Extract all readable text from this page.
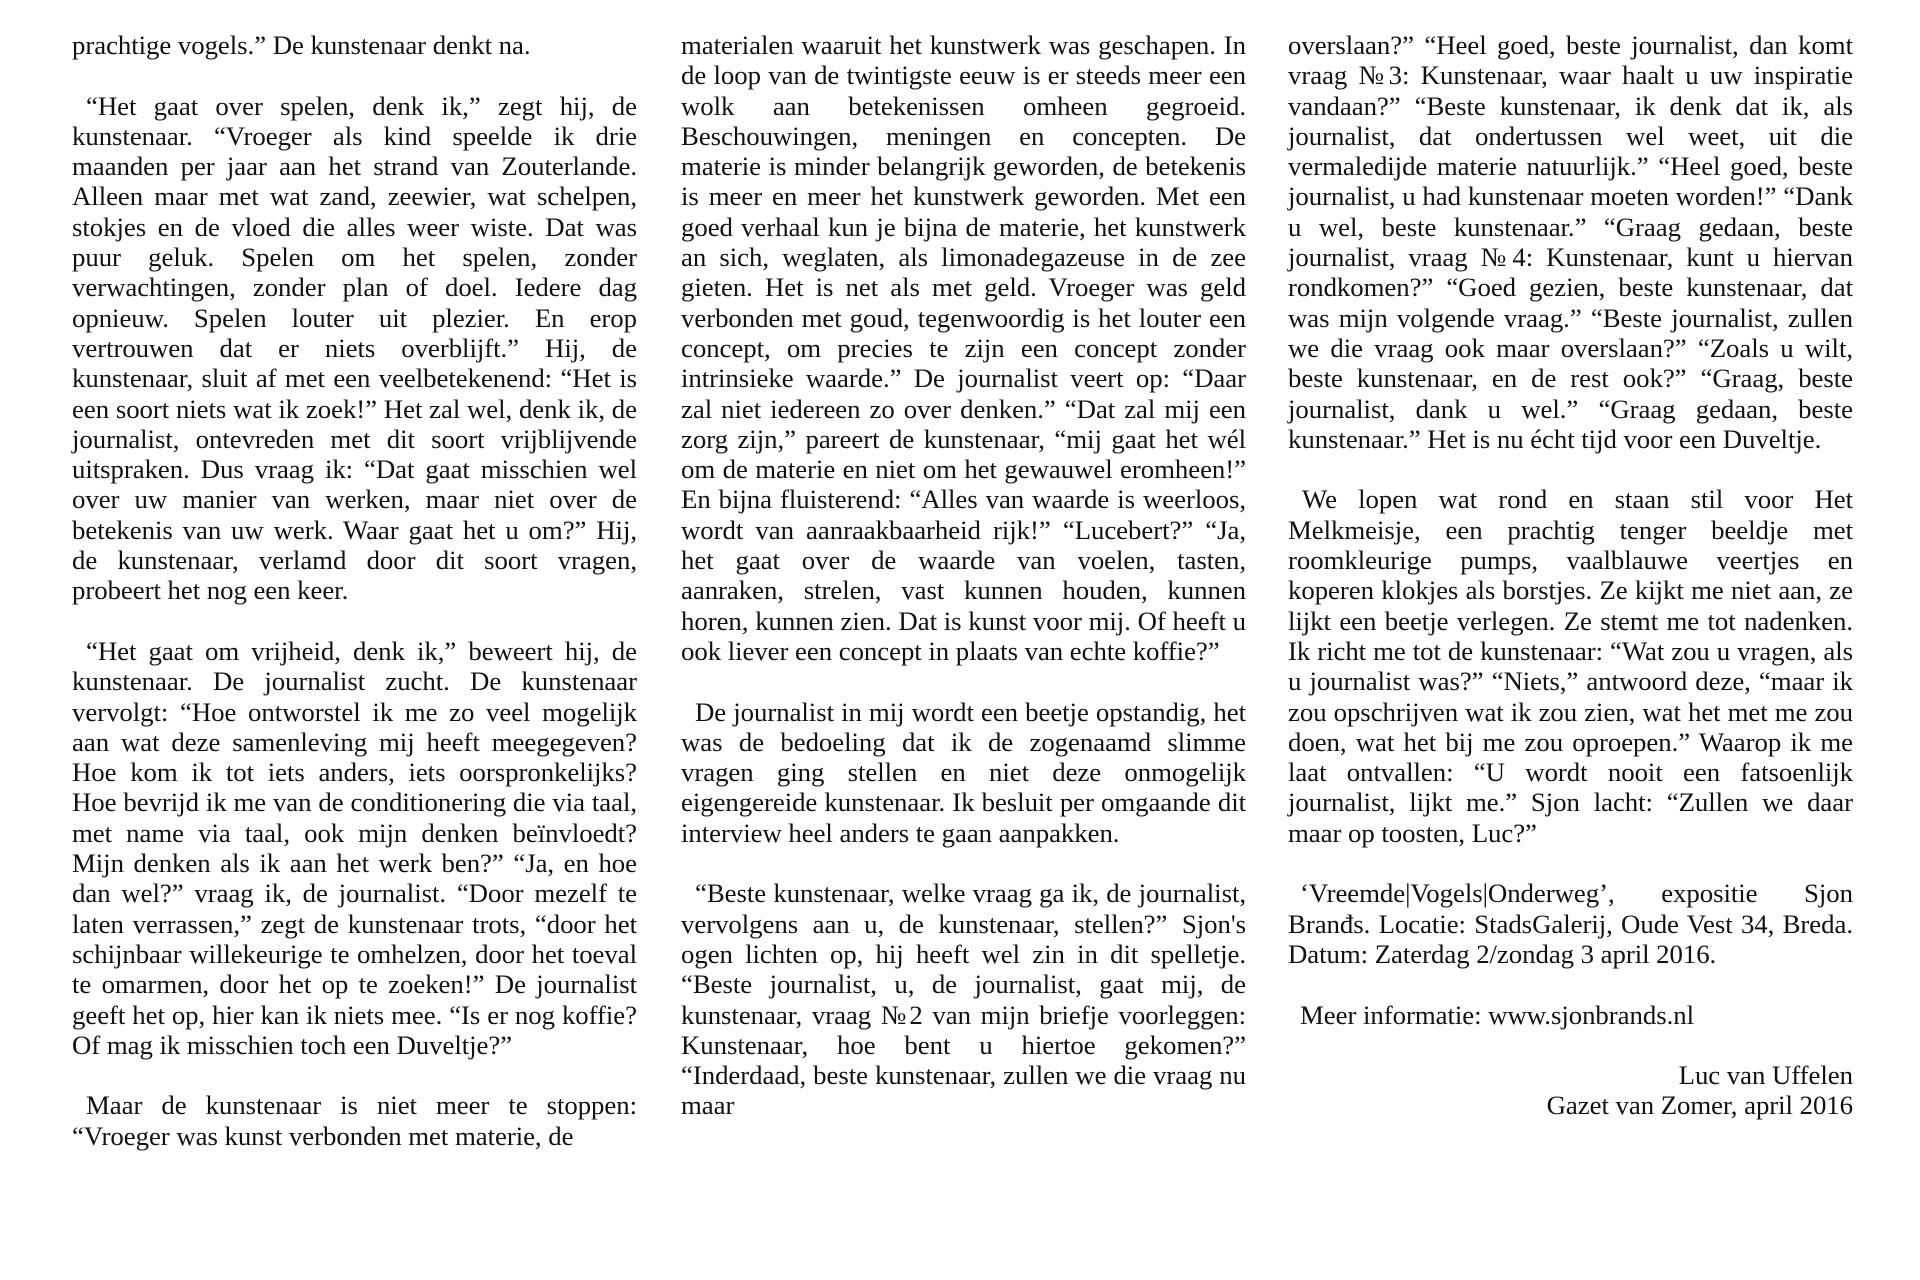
prachtige vogels.” De kunstenaar denkt na.

“Het gaat over spelen, denk ik,” zegt hij, de kunstenaar. “Vroeger als kind speelde ik drie maanden per jaar aan het strand van Zouterlande. Alleen maar met wat zand, zeewier, wat schelpen, stokjes en de vloed die alles weer wiste. Dat was puur geluk. Spelen om het spelen, zonder verwachtingen, zonder plan of doel. Iedere dag opnieuw. Spelen louter uit plezier. En erop vertrouwen dat er niets overblijft.” Hij, de kunstenaar, sluit af met een veelbetekenend: “Het is een soort niets wat ik zoek!” Het zal wel, denk ik, de journalist, ontevreden met dit soort vrijblijvende uitspraken. Dus vraag ik: “Dat gaat misschien wel over uw manier van werken, maar niet over de betekenis van uw werk. Waar gaat het u om?” Hij, de kunstenaar, verlamd door dit soort vragen, probeert het nog een keer.

“Het gaat om vrijheid, denk ik,” beweert hij, de kunstenaar. De journalist zucht. De kunstenaar vervolgt: “Hoe ontworstel ik me zo veel mogelijk aan wat deze samenleving mij heeft meegegeven? Hoe kom ik tot iets anders, iets oorspronkelijks? Hoe bevrijd ik me van de conditionering die via taal, met name via taal, ook mijn denken beïnvloedt? Mijn denken als ik aan het werk ben?” “Ja, en hoe dan wel?” vraag ik, de journalist. “Door mezelf te laten verrassen,” zegt de kunstenaar trots, “door het schijnbaar willekeurige te omhelzen, door het toeval te omarmen, door het op te zoeken!” De journalist geeft het op, hier kan ik niets mee. “Is er nog koffie? Of mag ik misschien toch een Duveltje?”

Maar de kunstenaar is niet meer te stoppen: “Vroeger was kunst verbonden met materie, de

materialen waaruit het kunstwerk was geschapen. In de loop van de twintigste eeuw is er steeds meer een wolk aan betekenissen omheen gegroeid. Beschouwingen, meningen en concepten. De materie is minder belangrijk geworden, de betekenis is meer en meer het kunstwerk geworden. Met een goed verhaal kun je bijna de materie, het kunstwerk an sich, weglaten, als limonadegazeuse in de zee gieten. Het is net als met geld. Vroeger was geld verbonden met goud, tegenwoordig is het louter een concept, om precies te zijn een concept zonder intrinsieke waarde.” De journalist veert op: “Daar zal niet iedereen zo over denken.” “Dat zal mij een zorg zijn,” pareert de kunstenaar, “mij gaat het wél om de materie en niet om het gewauwel eromheen!” En bijna fluisterend: “Alles van waarde is weerloos, wordt van aanraakbaarheid rijk!” “Lucebert?” “Ja, het gaat over de waarde van voelen, tasten, aanraken, strelen, vast kunnen houden, kunnen horen, kunnen zien. Dat is kunst voor mij. Of heeft u ook liever een concept in plaats van echte koffie?”

De journalist in mij wordt een beetje opstandig, het was de bedoeling dat ik de zogenaamd slimme vragen ging stellen en niet deze onmogelijk eigengereide kunstenaar. Ik besluit per omgaande dit interview heel anders te gaan aanpakken.

“Beste kunstenaar, welke vraag ga ik, de journalist, vervolgens aan u, de kunstenaar, stellen?” Sjon's ogen lichten op, hij heeft wel zin in dit spelletje. “Beste journalist, u, de journalist, gaat mij, de kunstenaar, vraag №2 van mijn briefje voorleggen: Kunstenaar, hoe bent u hiertoe gekomen?” “Inderdaad, beste kunstenaar, zullen we die vraag nu maar

overslaan?” “Heel goed, beste journalist, dan komt vraag №3: Kunstenaar, waar haalt u uw inspiratie vandaan?” “Beste kunstenaar, ik denk dat ik, als journalist, dat ondertussen wel weet, uit die vermaledijde materie natuurlijk.” “Heel goed, beste journalist, u had kunstenaar moeten worden!” “Dank u wel, beste kunstenaar.” “Graag gedaan, beste journalist, vraag №4: Kunstenaar, kunt u hiervan rondkomen?” “Goed gezien, beste kunstenaar, dat was mijn volgende vraag.” “Beste journalist, zullen we die vraag ook maar overslaan?” “Zoals u wilt, beste kunstenaar, en de rest ook?” “Graag, beste journalist, dank u wel.” “Graag gedaan, beste kunstenaar.” Het is nu écht tijd voor een Duveltje.

We lopen wat rond en staan stil voor Het Melkmeisje, een prachtig tenger beeldje met roomkleurige pumps, vaalblauwe veertjes en koperen klokjes als borstjes. Ze kijkt me niet aan, ze lijkt een beetje verlegen. Ze stemt me tot nadenken. Ik richt me tot de kunstenaar: “Wat zou u vragen, als u journalist was?” “Niets,” antwoord deze, “maar ik zou opschrijven wat ik zou zien, wat het met me zou doen, wat het bij me zou oproepen.” Waarop ik me laat ontvallen: “U wordt nooit een fatsoenlijk journalist, lijkt me.” Sjon lacht: “Zullen we daar maar op toosten, Luc?”

‘Vreemde|Vogels|Onderweg’, expositie Sjon Branđs. Locatie: StadsGalerij, Oude Vest 34, Breda. Datum: Zaterdag 2/zondag 3 april 2016.

Meer informatie: www.sjonbrands.nl

Luc van Uffelen
Gazet van Zomer, april 2016
